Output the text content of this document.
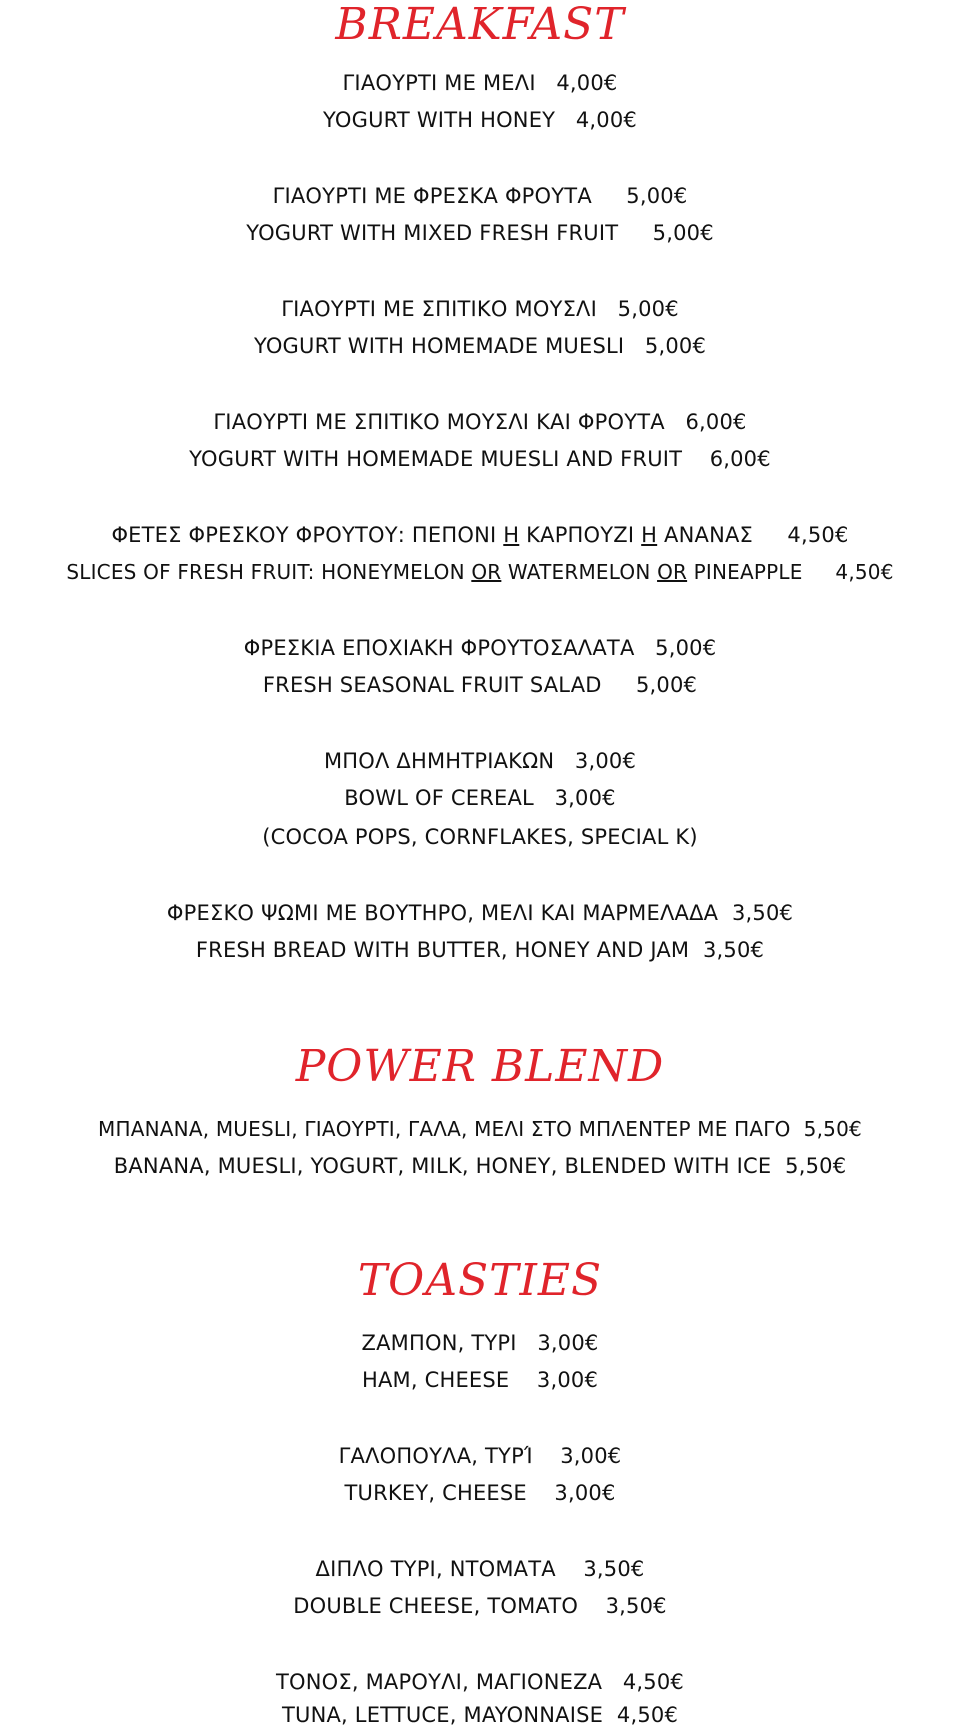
BREAKFAST
ΓΙΑΟΥΡΤΙ ΜΕ ΜΕΛΙ   4,00€
YOGURT WITH HONEY   4,00€
ΓΙΑΟΥΡΤΙ ΜΕ ΦΡΕΣΚΑ ΦΡΟΥΤΑ     5,00€
YOGURT WITH MIXED FRESH FRUIT     5,00€
ΓΙΑΟΥΡΤΙ ΜΕ ΣΠΙΤΙΚΟ ΜΟΥΣΛΙ   5,00€
YOGURT WITH HOMEMADE MUESLI   5,00€
ΓΙΑΟΥΡΤΙ ΜΕ ΣΠΙΤΙΚΟ ΜΟΥΣΛΙ ΚΑΙ ΦΡΟΥΤΑ   6,00€
YOGURT WITH HOMEMADE MUESLI AND FRUIT    6,00€
ΦΕΤΕΣ ΦΡΕΣΚΟΥ ΦΡΟΥΤΟΥ: ΠΕΠΟΝΙ Η ΚΑΡΠΟΥΖΙ Η ΑΝΑΝΑΣ     4,50€
SLICES OF FRESH FRUIT: HONEYMELON OR WATERMELON OR PINEAPPLE     4,50€
ΦΡΕΣΚΙΑ ΕΠΟΧΙΑΚΗ ΦΡΟΥΤΟΣΑΛΑΤΑ   5,00€
FRESH SEASONAL FRUIT SALAD     5,00€
ΜΠΟΛ ΔΗΜΗΤΡΙΑΚΩΝ   3,00€
BOWL OF CEREAL   3,00€
(COCOA POPS, CORNFLAKES, SPECIAL K)
ΦΡΕΣΚΟ ΨΩΜΙ ΜΕ ΒΟΥΤΗΡΟ, ΜΕΛΙ ΚΑΙ ΜΑΡΜΕΛΑΔΑ  3,50€
FRESH BREAD WITH BUTTER, HONEY AND JAM  3,50€
POWER BLEND
ΜΠΑΝΑΝΑ, MUESLI, ΓΙΑΟΥΡΤΙ, ΓΑΛΑ, ΜΕΛΙ ΣΤΟ ΜΠΛΕΝΤΕΡ ΜΕ ΠΑΓΟ  5,50€
BANANA, MUESLI, YOGURT, MILK, HONEY, BLENDED WITH ICE  5,50€
TOASTIES
ΖΑΜΠΟΝ, ΤΥΡΙ   3,00€
HAM, CHEESE    3,00€
ΓΑΛΟΠΟΥΛΑ, ΤΥΡΊ    3,00€
TURKEY, CHEESE    3,00€
ΔΙΠΛΟ ΤΥΡΙ, ΝΤΟΜΑΤΑ    3,50€
DOUBLE CHEESE, TOMATO    3,50€
ΤΟΝΟΣ, ΜΑΡΟΥΛΙ, ΜΑΓΙΟΝΕΖΑ   4,50€
TUNA, LETTUCE, MAYONNAISE  4,50€
